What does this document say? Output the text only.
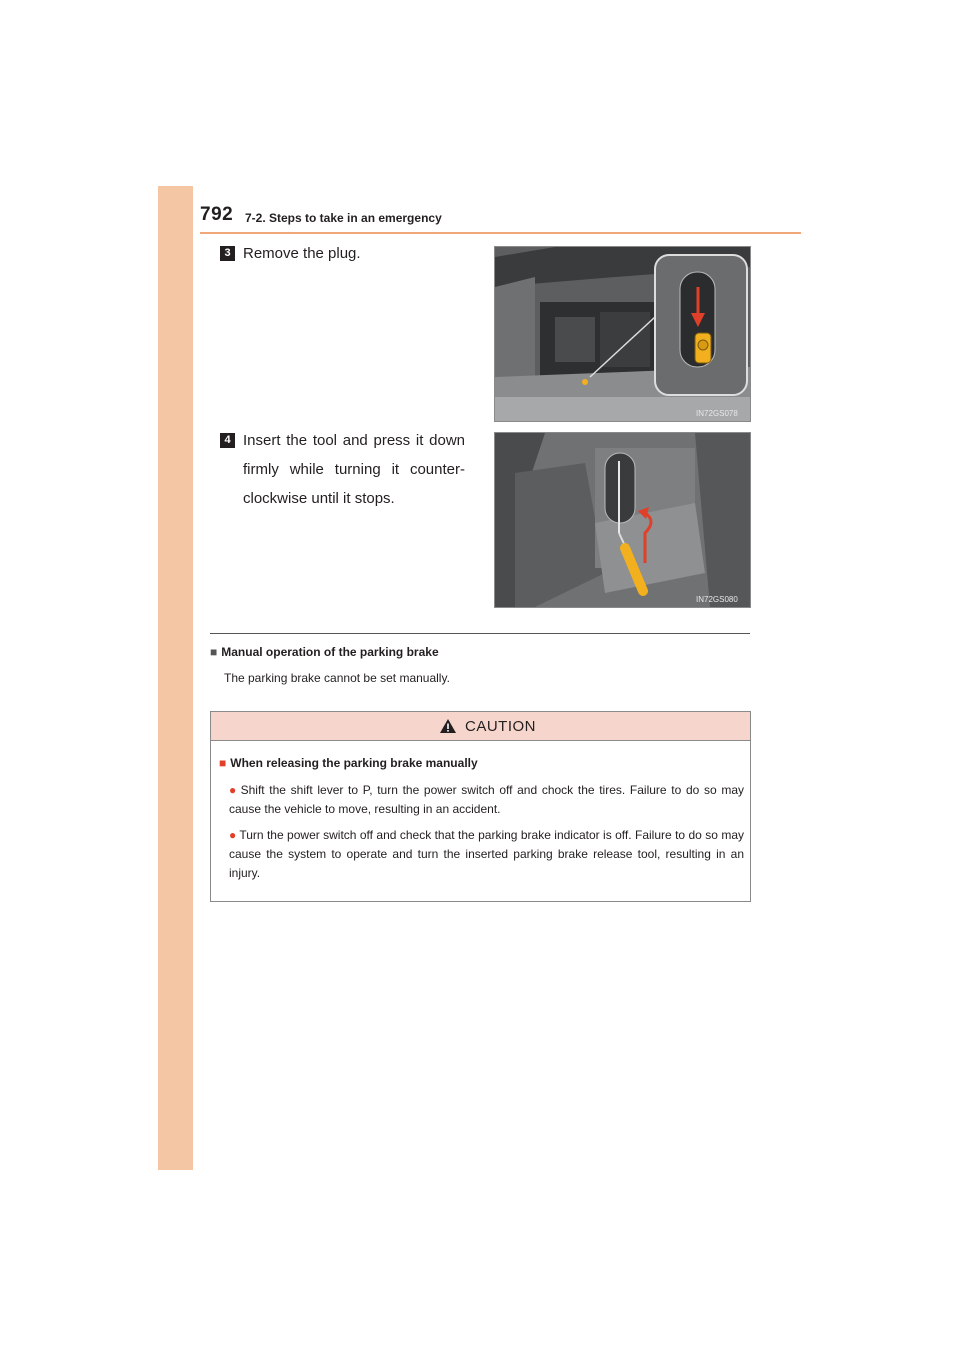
792 7-2. Steps to take in an emergency
3 Remove the plug.
IN72GS078
4 Insert the tool and press it down firmly while turning it counter-clockwise until it stops.
IN72GS080
■ Manual operation of the parking brake
The parking brake cannot be set manually.
CAUTION
■ When releasing the parking brake manually
● Shift the shift lever to P, turn the power switch off and chock the tires. Failure to do so may cause the vehicle to move, resulting in an accident.
● Turn the power switch off and check that the parking brake indicator is off. Failure to do so may cause the system to operate and turn the inserted parking brake release tool, resulting in an injury.
